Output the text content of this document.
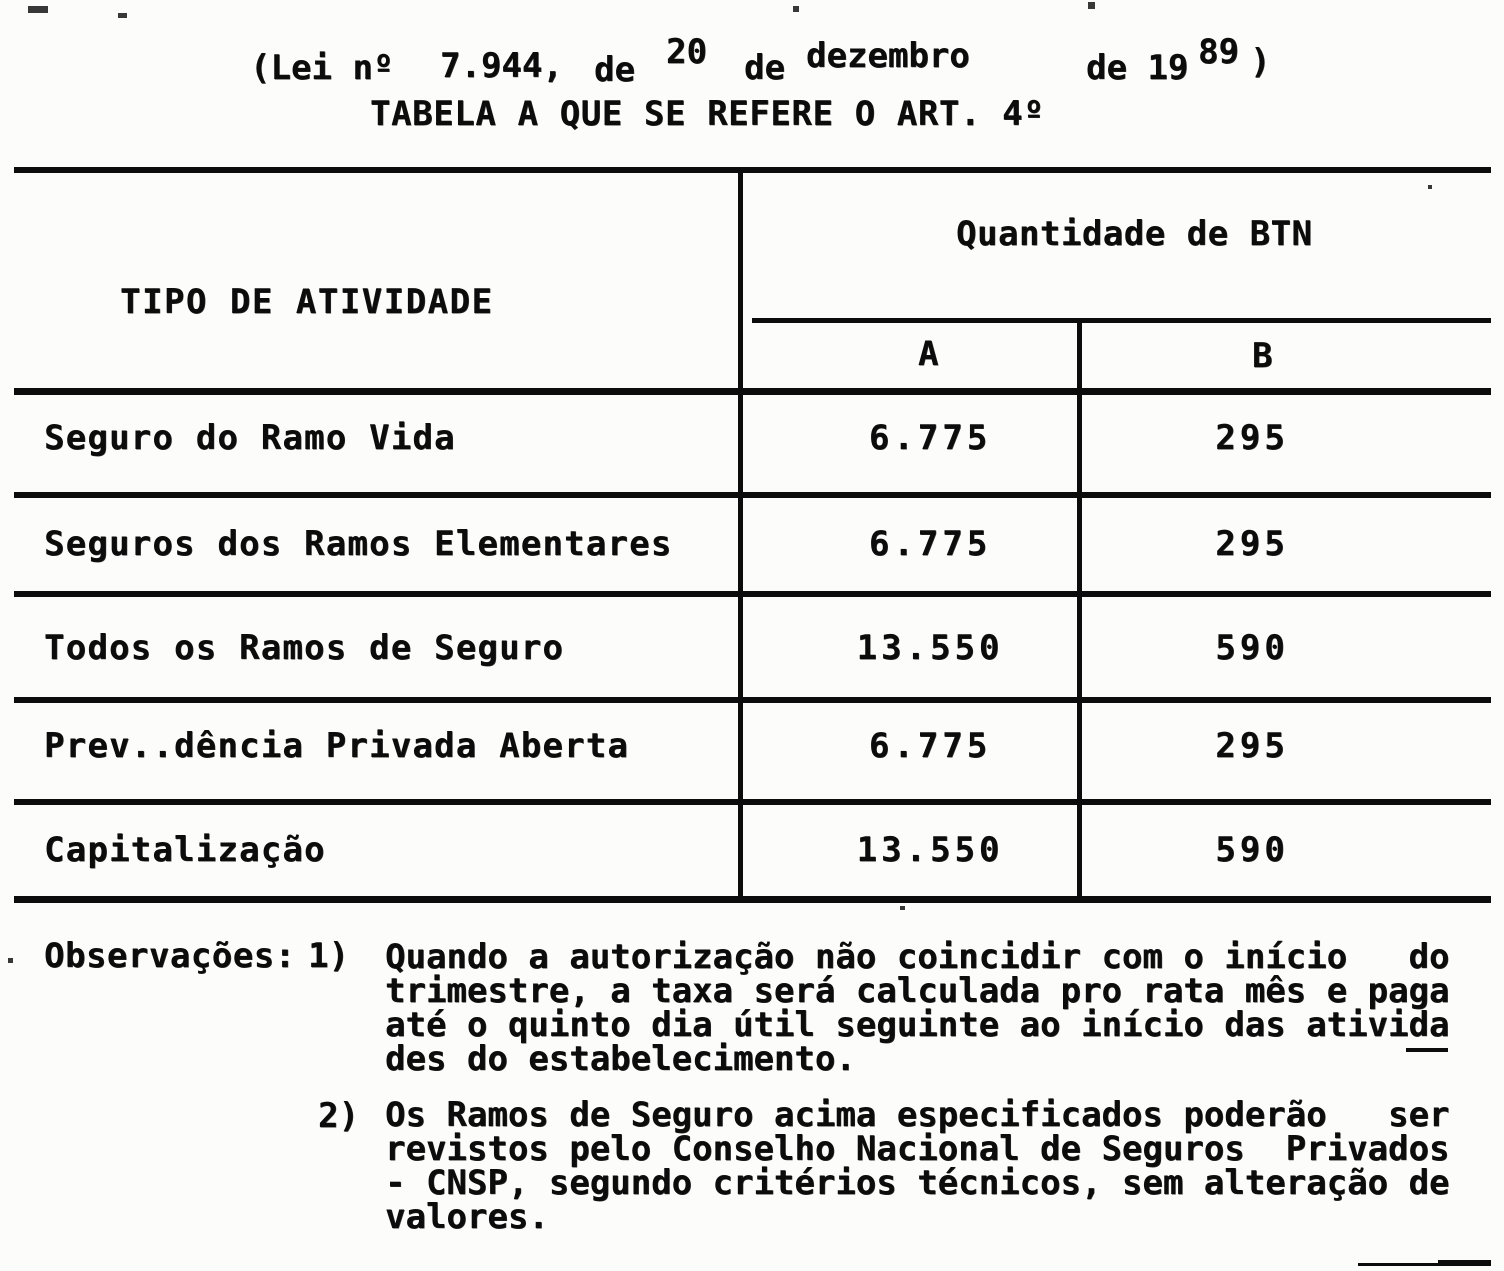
(Lei nº 7.944, de 20 de dezembro	de 19 89 )
TABELA A QUE SE REFERE O ART. 4º
TIPO DE ATIVIDADE
Quantidade de BTN
A	B
Seguro do Ramo Vida	6.775	295
Seguros dos Ramos Elementares	6.775	295
Todos os Ramos de Seguro	13.550	590
Prev..dência Privada Aberta	6.775	295
Capitalização	13.550	590
Observações: 1) Quando a autorização não coincidir com o início   do
trimestre, a taxa será calculada pro rata mês e paga
até o quinto dia útil seguinte ao início das ativida
des do estabelecimento.
2) Os Ramos de Seguro acima especificados poderão   ser
revistos pelo Conselho Nacional de Seguros  Privados
- CNSP, segundo critérios técnicos, sem alteração de
valores.
